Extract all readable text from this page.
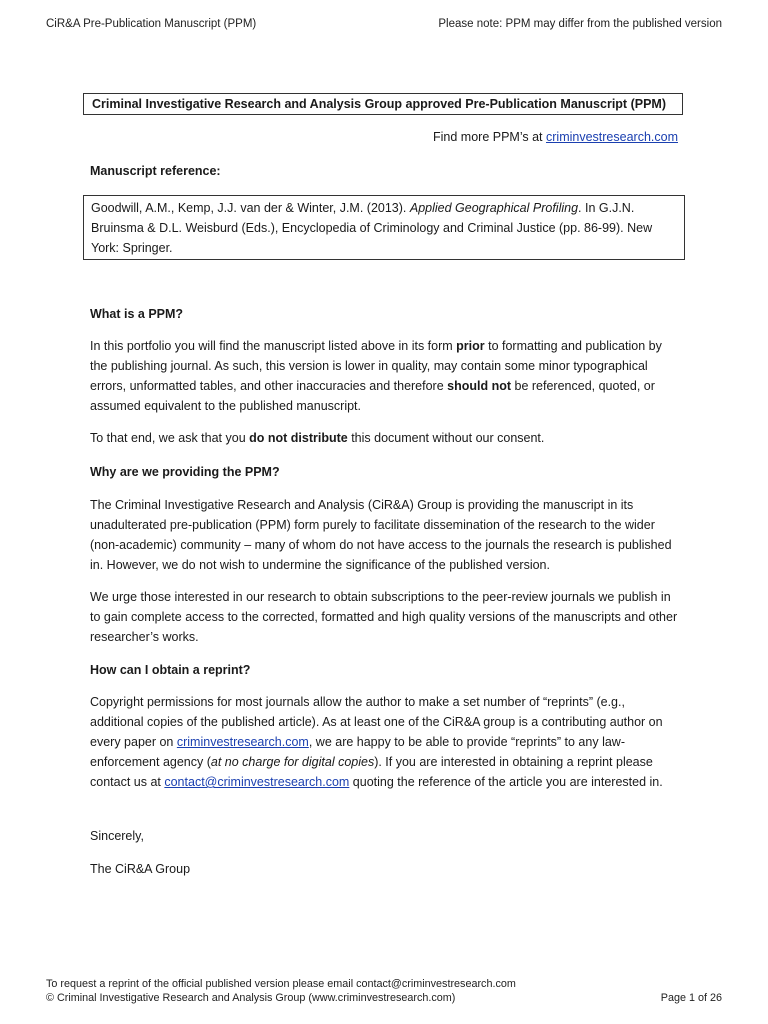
CiR&A Pre-Publication Manuscript (PPM)	Please note: PPM may differ from the published version
Criminal Investigative Research and Analysis Group approved Pre-Publication Manuscript (PPM)
Find more PPM’s at criminvestresearch.com
Manuscript reference:
Goodwill, A.M., Kemp, J.J. van der & Winter, J.M. (2013). Applied Geographical Profiling. In G.J.N. Bruinsma & D.L. Weisburd (Eds.), Encyclopedia of Criminology and Criminal Justice (pp. 86-99). New York: Springer.
What is a PPM?

In this portfolio you will find the manuscript listed above in its form prior to formatting and publication by the publishing journal. As such, this version is lower in quality, may contain some minor typographical errors, unformatted tables, and other inaccuracies and therefore should not be referenced, quoted, or assumed equivalent to the published manuscript.

To that end, we ask that you do not distribute this document without our consent.

Why are we providing the PPM?

The Criminal Investigative Research and Analysis (CiR&A) Group is providing the manuscript in its unadulterated pre-publication (PPM) form purely to facilitate dissemination of the research to the wider (non-academic) community – many of whom do not have access to the journals the research is published in. However, we do not wish to undermine the significance of the published version.

We urge those interested in our research to obtain subscriptions to the peer-review journals we publish in to gain complete access to the corrected, formatted and high quality versions of the manuscripts and other researcher’s works.

How can I obtain a reprint?

Copyright permissions for most journals allow the author to make a set number of “reprints” (e.g., additional copies of the published article). As at least one of the CiR&A group is a contributing author on every paper on criminvestresearch.com, we are happy to be able to provide “reprints” to any law-enforcement agency (at no charge for digital copies). If you are interested in obtaining a reprint please contact us at contact@criminvestresearch.com quoting the reference of the article you are interested in.

Sincerely,
The CiR&A Group
To request a reprint of the official published version please email contact@criminvestresearch.com
© Criminal Investigative Research and Analysis Group (www.criminvestresearch.com)	Page 1 of 26
